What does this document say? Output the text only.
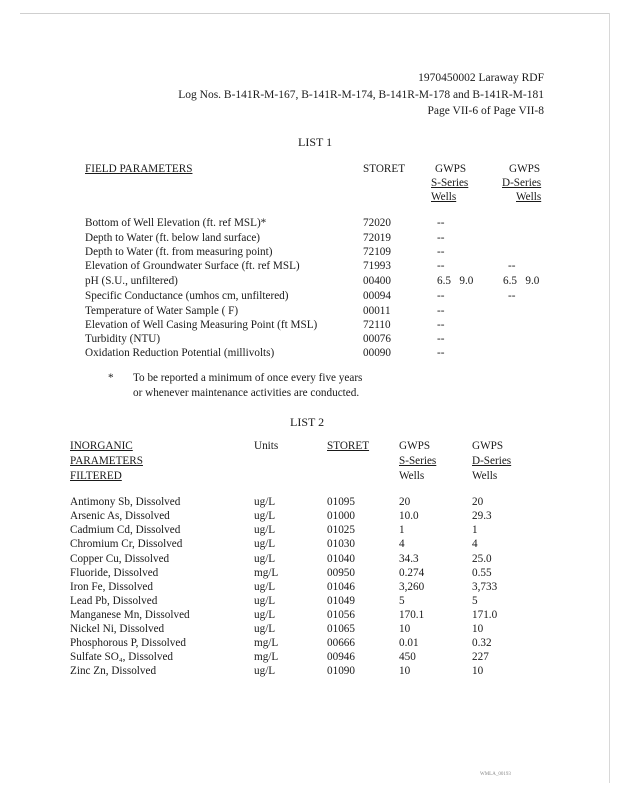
1970450002 Laraway RDF
Log Nos. B-141R-M-167, B-141R-M-174, B-141R-M-178 and B-141R-M-181
Page VII-6 of Page VII-8
LIST 1
FIELD PARAMETERS	STORET	GWPS
S-Series
Wells
GWPS
D-Series
Wells
Bottom of Well Elevation (ft. ref MSL)*	72020	--
Depth to Water (ft. below land surface)	72019	--
Depth to Water (ft. from measuring point)	72109	--
Elevation of Groundwater Surface (ft. ref MSL)	71993	--	--
pH (S.U., unfiltered)	00400	6.5   9.0	6.5   9.0
Specific Conductance (umhos cm, unfiltered)	00094	--	--
Temperature of Water Sample ( F)	00011	--
Elevation of Well Casing Measuring Point (ft MSL)	72110	--
Turbidity (NTU)	00076	--
Oxidation Reduction Potential (millivolts)	00090	--
* To be reported a minimum of once every five years
or whenever maintenance activities are conducted.
LIST 2
INORGANIC
PARAMETERS
FILTERED
Units	STORET	GWPS
S-Series
Wells
GWPS
D-Series
Wells
Antimony Sb, Dissolved	ug/L	01095	20	20
Arsenic As, Dissolved	ug/L	01000	10.0	29.3
Cadmium Cd, Dissolved	ug/L	01025	1	1
Chromium Cr, Dissolved	ug/L	01030	4	4
Copper Cu, Dissolved	ug/L	01040	34.3	25.0
Fluoride, Dissolved	mg/L	00950	0.274	0.55
Iron Fe, Dissolved	ug/L	01046	3,260	3,733
Lead Pb, Dissolved	ug/L	01049	5	5
Manganese Mn, Dissolved	ug/L	01056	170.1	171.0
Nickel Ni, Dissolved	ug/L	01065	10	10
Phosphorous P, Dissolved	mg/L	00666	0.01	0.32
Sulfate SO₄, Dissolved	mg/L	00946	450	227
Zinc Zn, Dissolved	ug/L	01090	10	10
WMLA_00193
